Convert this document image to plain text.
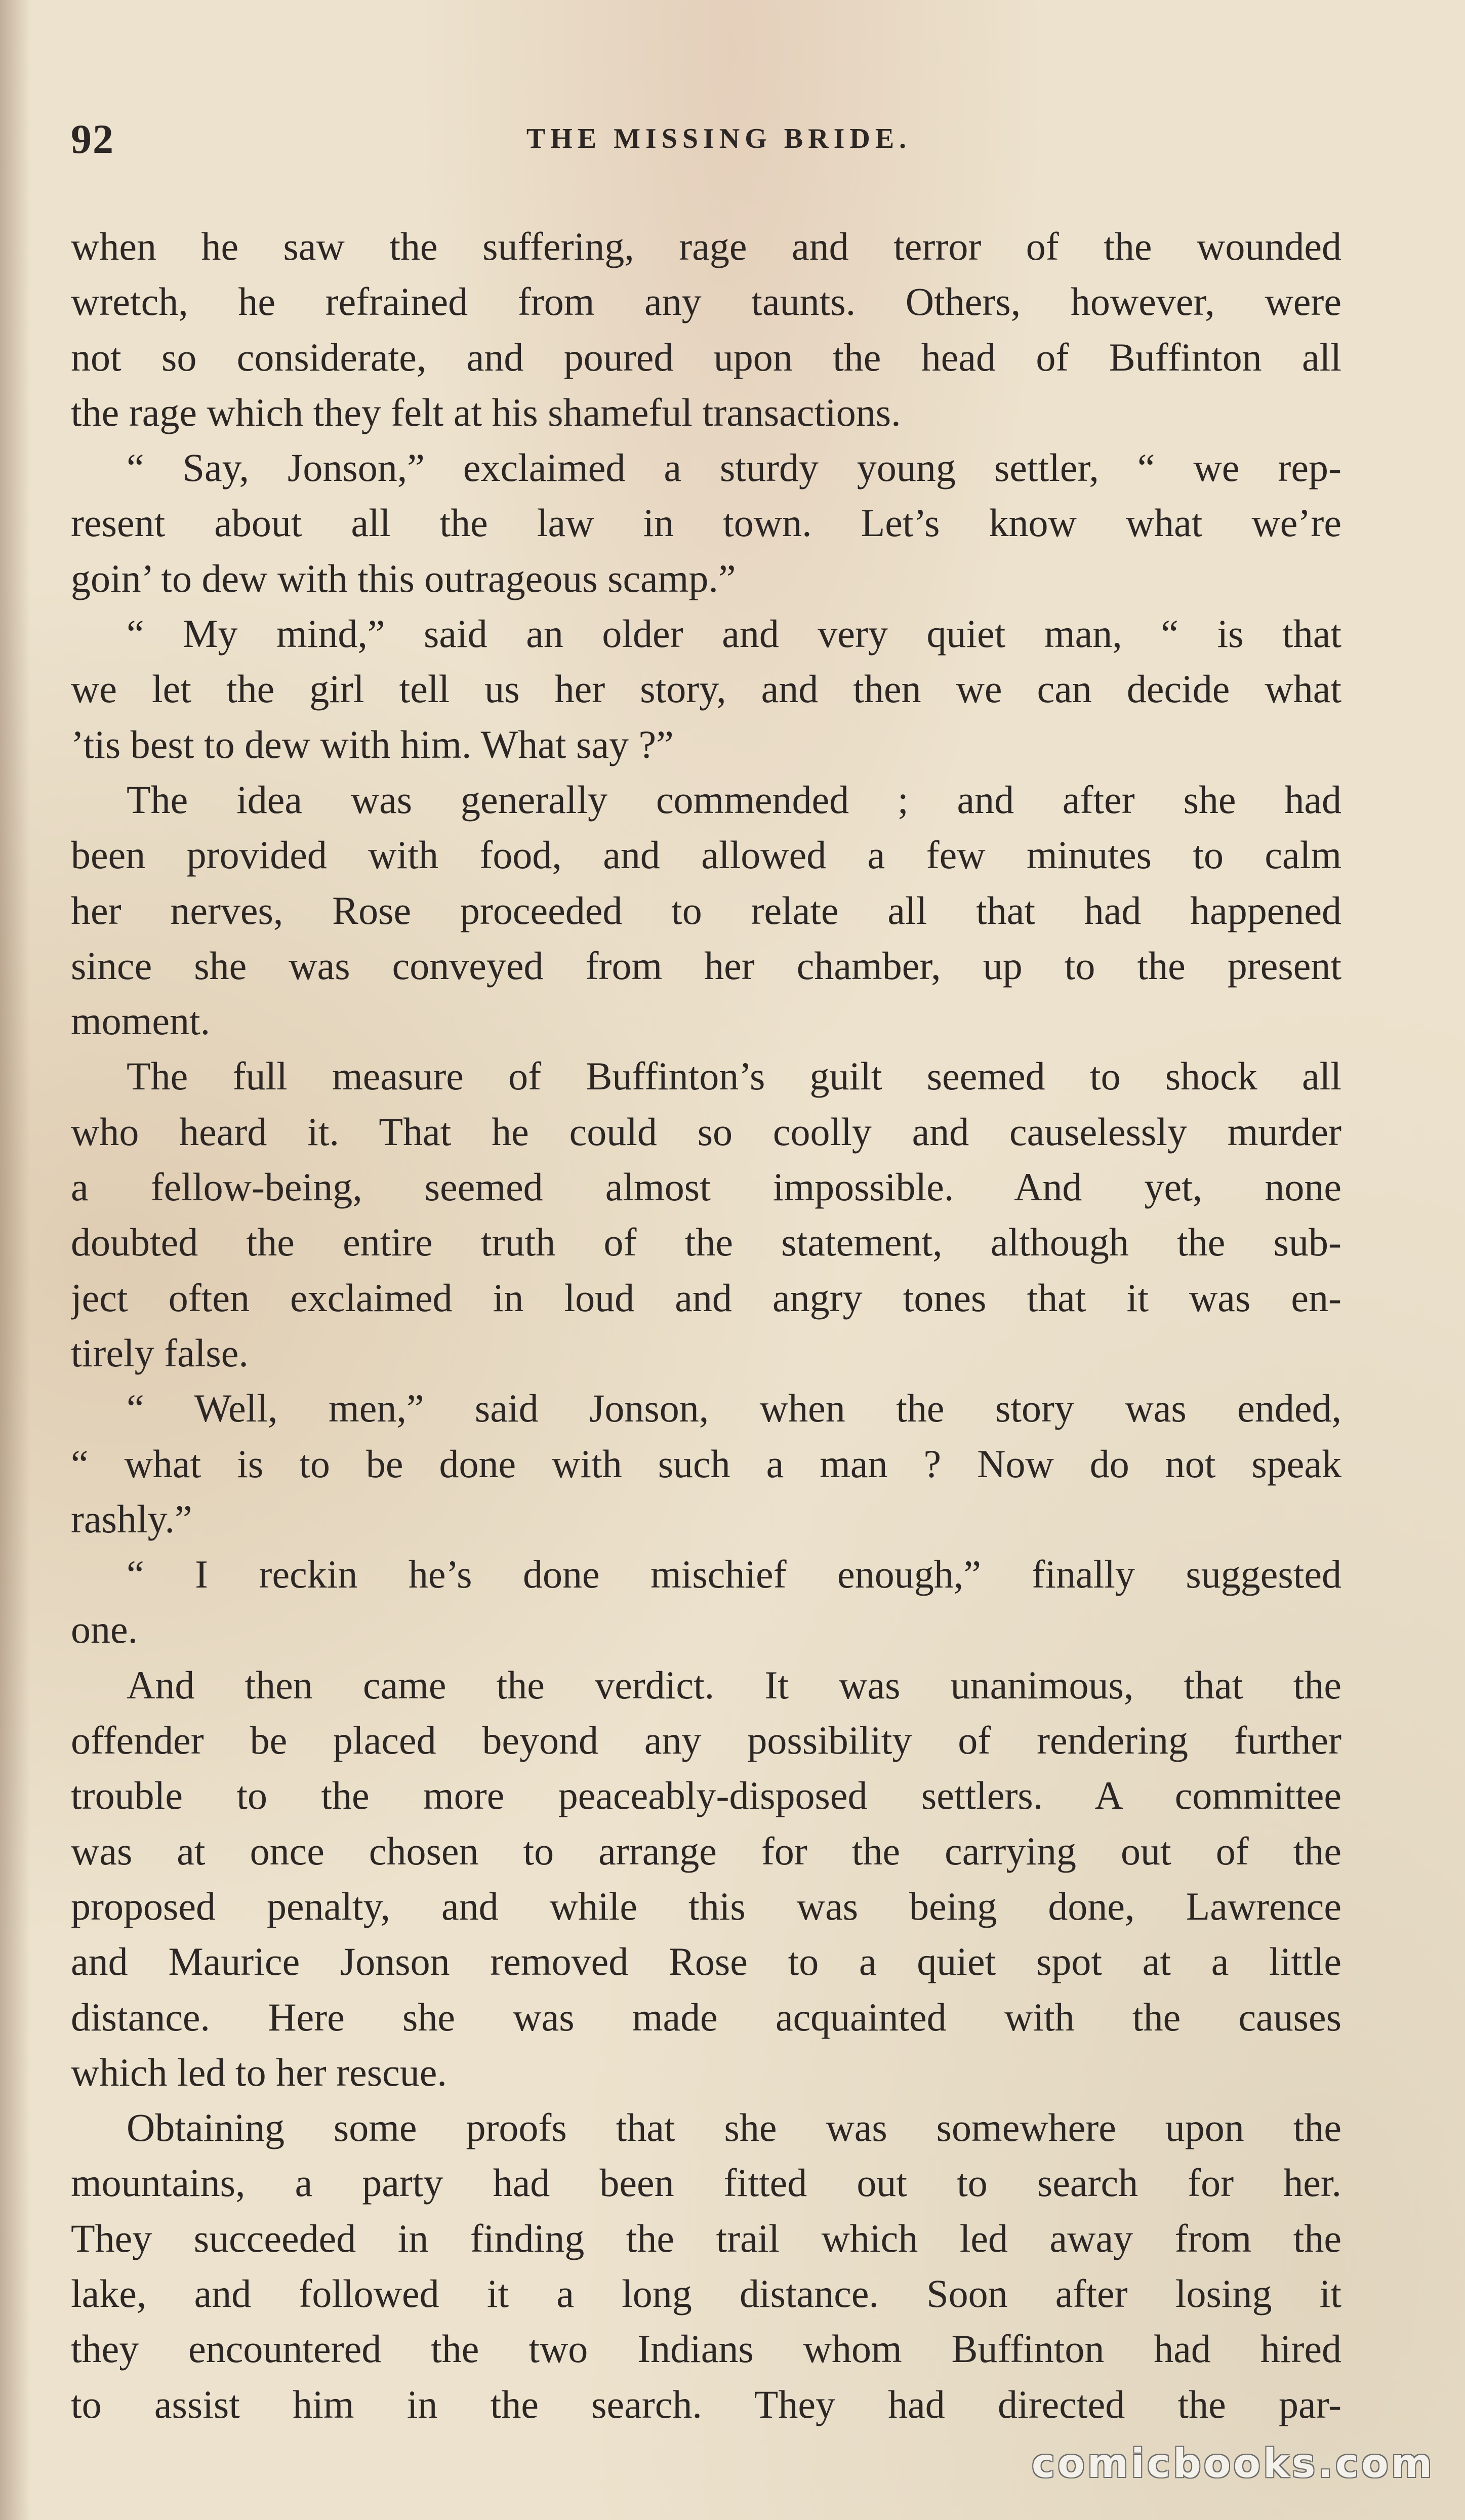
92	THE MISSING BRIDE.
when he saw the suffering, rage and terror of the wounded
wretch, he refrained from any taunts. Others, however, were
not so considerate, and poured upon the head of Buffinton all
the rage which they felt at his shameful transactions.
“ Say, Jonson,” exclaimed a sturdy young settler, “ we rep-
resent about all the law in town. Let’s know what we’re
goin’ to dew with this outrageous scamp.”
“ My mind,” said an older and very quiet man, “ is that
we let the girl tell us her story, and then we can decide what
’tis best to dew with him. What say ?”
The idea was generally commended ; and after she had
been provided with food, and allowed a few minutes to calm
her nerves, Rose proceeded to relate all that had happened
since she was conveyed from her chamber, up to the present
moment.
The full measure of Buffinton’s guilt seemed to shock all
who heard it. That he could so coolly and causelessly murder
a fellow-being, seemed almost impossible. And yet, none
doubted the entire truth of the statement, although the sub-
ject often exclaimed in loud and angry tones that it was en-
tirely false.
“ Well, men,” said Jonson, when the story was ended,
“ what is to be done with such a man ? Now do not speak
rashly.”
“ I reckin he’s done mischief enough,” finally suggested
one.
And then came the verdict. It was unanimous, that the
offender be placed beyond any possibility of rendering further
trouble to the more peaceably-disposed settlers. A committee
was at once chosen to arrange for the carrying out of the
proposed penalty, and while this was being done, Lawrence
and Maurice Jonson removed Rose to a quiet spot at a little
distance. Here she was made acquainted with the causes
which led to her rescue.
Obtaining some proofs that she was somewhere upon the
mountains, a party had been fitted out to search for her.
They succeeded in finding the trail which led away from the
lake, and followed it a long distance. Soon after losing it
they encountered the two Indians whom Buffinton had hired
to assist him in the search. They had directed the par-
comicbooks.com
